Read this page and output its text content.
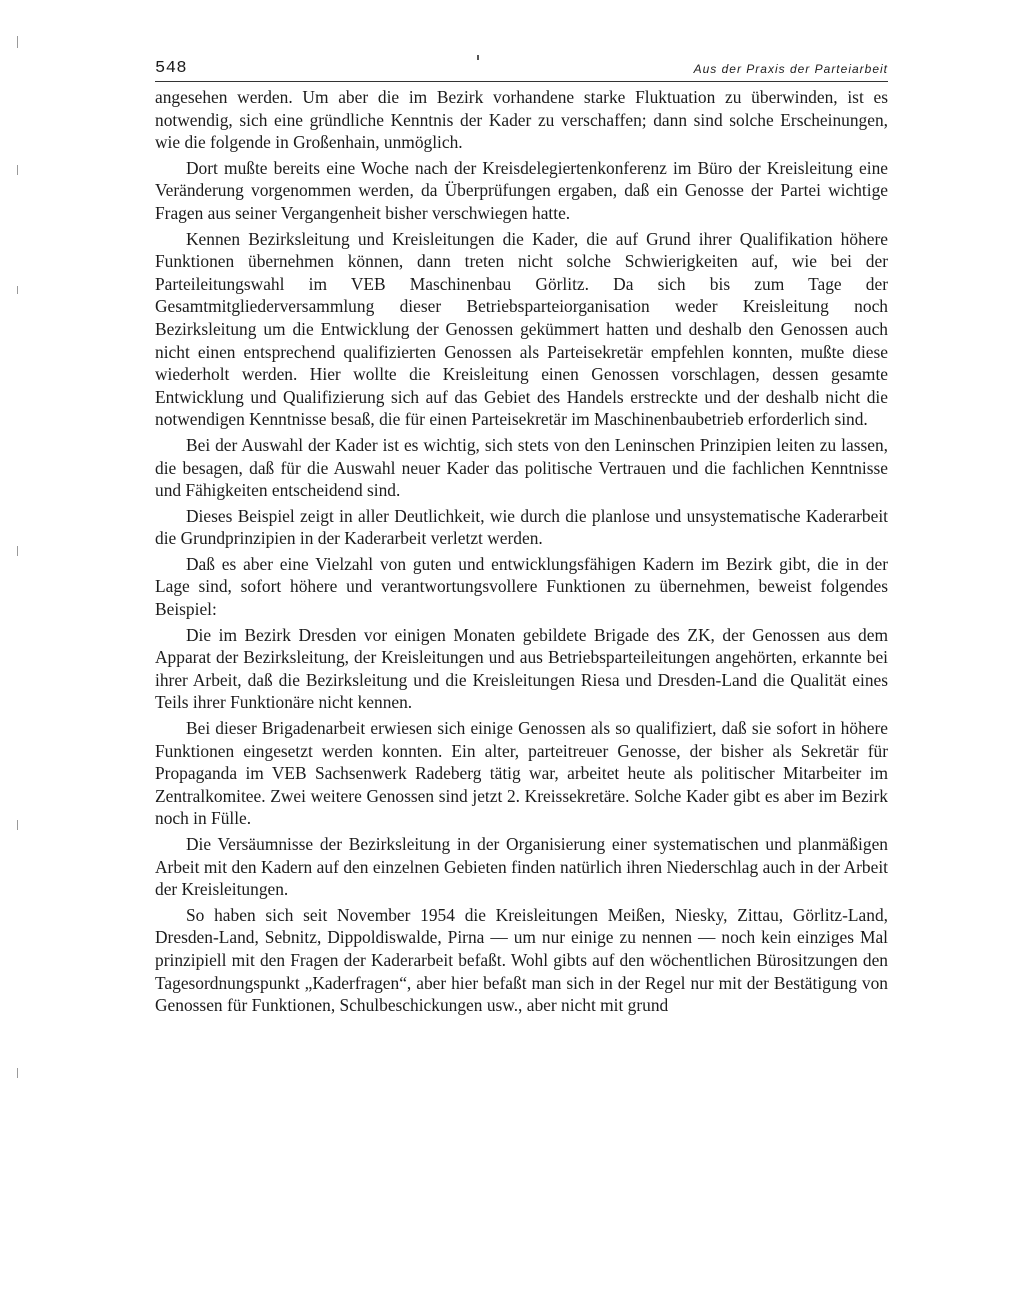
548	Aus der Praxis der Parteiarbeit

angesehen werden. Um aber die im Bezirk vorhandene starke Fluktuation zu überwinden, ist es notwendig, sich eine gründliche Kenntnis der Kader zu verschaffen; dann sind solche Erscheinungen, wie die folgende in Großenhain, unmöglich.

Dort mußte bereits eine Woche nach der Kreisdelegiertenkonferenz im Büro der Kreisleitung eine Veränderung vorgenommen werden, da Überprüfungen ergaben, daß ein Genosse der Partei wichtige Fragen aus seiner Vergangenheit bisher verschwiegen hatte.

Kennen Bezirksleitung und Kreisleitungen die Kader, die auf Grund ihrer Qualifikation höhere Funktionen übernehmen können, dann treten nicht solche Schwierigkeiten auf, wie bei der Parteileitungswahl im VEB Maschinenbau Görlitz. Da sich bis zum Tage der Gesamtmitgliederversammlung dieser Betriebsparteiorganisation weder Kreisleitung noch Bezirksleitung um die Entwicklung der Genossen gekümmert hatten und deshalb den Genossen auch nicht einen entsprechend qualifizierten Genossen als Parteisekretär empfehlen konnten, mußte diese wiederholt werden. Hier wollte die Kreisleitung einen Genossen vorschlagen, dessen gesamte Entwicklung und Qualifizierung sich auf das Gebiet des Handels erstreckte und der deshalb nicht die notwendigen Kenntnisse besaß, die für einen Parteisekretär im Maschinenbaubetrieb erforderlich sind.

Bei der Auswahl der Kader ist es wichtig, sich stets von den Leninschen Prinzipien leiten zu lassen, die besagen, daß für die Auswahl neuer Kader das politische Vertrauen und die fachlichen Kenntnisse und Fähigkeiten entscheidend sind.

Dieses Beispiel zeigt in aller Deutlichkeit, wie durch die planlose und unsystematische Kaderarbeit die Grundprinzipien in der Kaderarbeit verletzt werden.

Daß es aber eine Vielzahl von guten und entwicklungsfähigen Kadern im Bezirk gibt, die in der Lage sind, sofort höhere und verantwortungsvollere Funktionen zu übernehmen, beweist folgendes Beispiel:

Die im Bezirk Dresden vor einigen Monaten gebildete Brigade des ZK, der Genossen aus dem Apparat der Bezirksleitung, der Kreisleitungen und aus Betriebsparteileitungen angehörten, erkannte bei ihrer Arbeit, daß die Bezirksleitung und die Kreisleitungen Riesa und Dresden-Land die Qualität eines Teils ihrer Funktionäre nicht kennen.

Bei dieser Brigadenarbeit erwiesen sich einige Genossen als so qualifiziert, daß sie sofort in höhere Funktionen eingesetzt werden konnten. Ein alter, parteitreuer Genosse, der bisher als Sekretär für Propaganda im VEB Sachsenwerk Radeberg tätig war, arbeitet heute als politischer Mitarbeiter im Zentralkomitee. Zwei weitere Genossen sind jetzt 2. Kreissekretäre. Solche Kader gibt es aber im Bezirk noch in Fülle.

Die Versäumnisse der Bezirksleitung in der Organisierung einer systematischen und planmäßigen Arbeit mit den Kadern auf den einzelnen Gebieten finden natürlich ihren Niederschlag auch in der Arbeit der Kreisleitungen.

So haben sich seit November 1954 die Kreisleitungen Meißen, Niesky, Zittau, Görlitz-Land, Dresden-Land, Sebnitz, Dippoldiswalde, Pirna — um nur einige zu nennen — noch kein einziges Mal prinzipiell mit den Fragen der Kaderarbeit befaßt. Wohl gibts auf den wöchentlichen Bürositzungen den Tagesordnungspunkt „Kaderfragen“, aber hier befaßt man sich in der Regel nur mit der Bestätigung von Genossen für Funktionen, Schulbeschickungen usw., aber nicht mit grund
